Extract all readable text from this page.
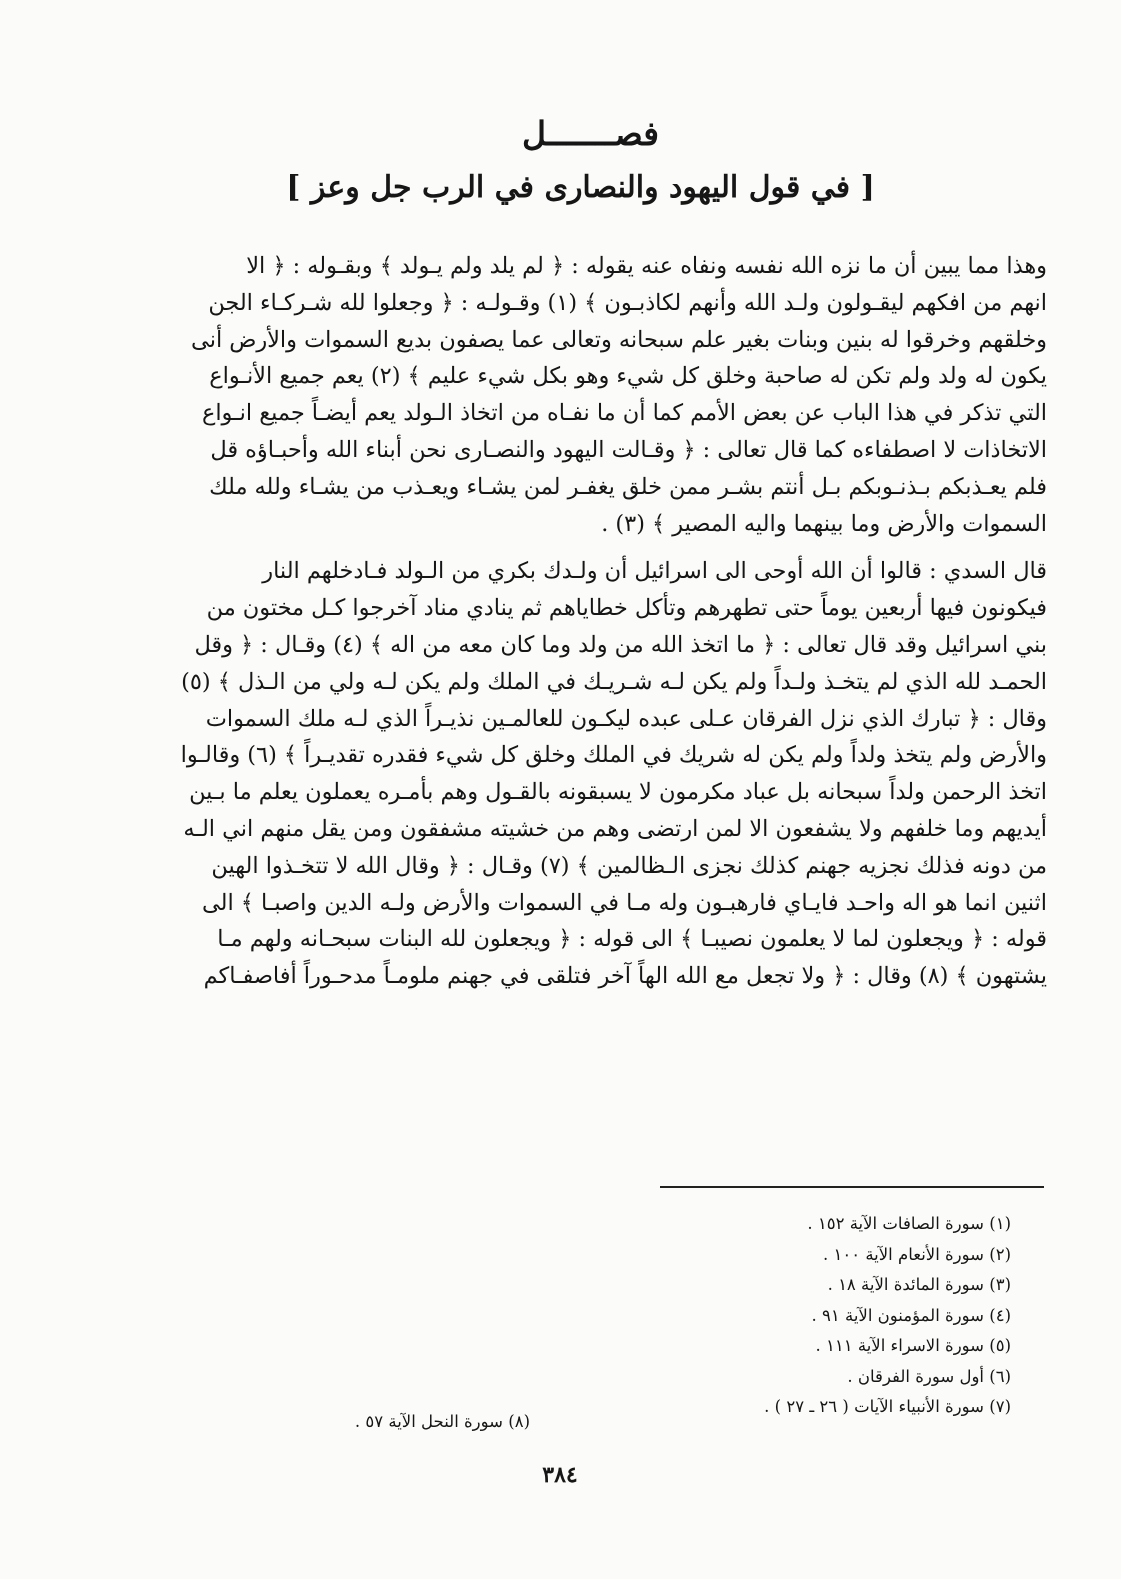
فصـــــــل
[ في قول اليهود والنصارى في الرب جل وعز ]

وهذا مما يبين أن ما نزه الله نفسه ونفاه عنه يقوله : ﴿ لم يلد ولم يـولد ﴾ وبقـوله : ﴿ الا
انهم من افكهم ليقـولون ولـد الله وأنهم لكاذبـون ﴾ (١) وقـولـه : ﴿ وجعلوا لله شـركـاء الجن
وخلقهم وخرقوا له بنين وبنات بغير علم سبحانه وتعالى عما يصفون بديع السموات والأرض أنى
يكون له ولد ولم تكن له صاحبة وخلق كل شيء وهو بكل شيء عليم ﴾ (٢) يعم جميع الأنـواع
التي تذكر في هذا الباب عن بعض الأمم كما أن ما نفـاه من اتخاذ الـولد يعم أيضـاً جميع انـواع
الاتخاذات لا اصطفاءه كما قال تعالى : ﴿ وقـالت اليهود والنصـارى نحن أبناء الله وأحبـاؤه قل
فلم يعـذبكم بـذنـوبكم بـل أنتم بشـر ممن خلق يغفـر لمن يشـاء ويعـذب من يشـاء ولله ملك
السموات والأرض وما بينهما واليه المصير ﴾ (٣) .

قال السدي : قالوا أن الله أوحى الى اسرائيل أن ولـدك بكري من الـولد فـادخلهم النار
فيكونون فيها أربعين يوماً حتى تطهرهم وتأكل خطاياهم ثم ينادي مناد آخرجوا كـل مختون من
بني اسرائيل وقد قال تعالى : ﴿ ما اتخذ الله من ولد وما كان معه من اله ﴾ (٤) وقـال : ﴿ وقل
الحمـد لله الذي لم يتخـذ ولـداً ولم يكن لـه شـريـك في الملك ولم يكن لـه ولي من الـذل ﴾ (٥)
وقال : ﴿ تبارك الذي نزل الفرقان عـلى عبده ليكـون للعالمـين نذيـراً الذي لـه ملك السموات
والأرض ولم يتخذ ولداً ولم يكن له شريك في الملك وخلق كل شيء فقدره تقديـراً ﴾ (٦) وقالـوا
اتخذ الرحمن ولداً سبحانه بل عباد مكرمون لا يسبقونه بالقـول وهم بأمـره يعملون يعلم ما بـين
أيديهم وما خلفهم ولا يشفعون الا لمن ارتضى وهم من خشيته مشفقون ومن يقل منهم اني الـه
من دونه فذلك نجزيه جهنم كذلك نجزى الـظالمين ﴾ (٧) وقـال : ﴿ وقال الله لا تتخـذوا الهين
اثنين انما هو اله واحـد فايـاي فارهبـون وله مـا في السموات والأرض ولـه الدين واصبـا ﴾ الى
قوله : ﴿ ويجعلون لما لا يعلمون نصيبـا ﴾ الى قوله : ﴿ ويجعلون لله البنات سبحـانه ولهم مـا
يشتهون ﴾ (٨) وقال : ﴿ ولا تجعل مع الله الهاً آخر فتلقى في جهنم ملومـاً مدحـوراً أفاصفـاكم

(١) سورة الصافات الآية ١٥٢ .
(٢) سورة الأنعام الآية ١٠٠ .
(٣) سورة المائدة الآية ١٨ .
(٤) سورة المؤمنون الآية ٩١ .
(٥) سورة الاسراء الآية ١١١ .
(٦) أول سورة الفرقان .
(٧) سورة الأنبياء الآيات ( ٢٦ ـ ٢٧ ) .
(٨) سورة النحل الآية ٥٧ .
٣٨٤
